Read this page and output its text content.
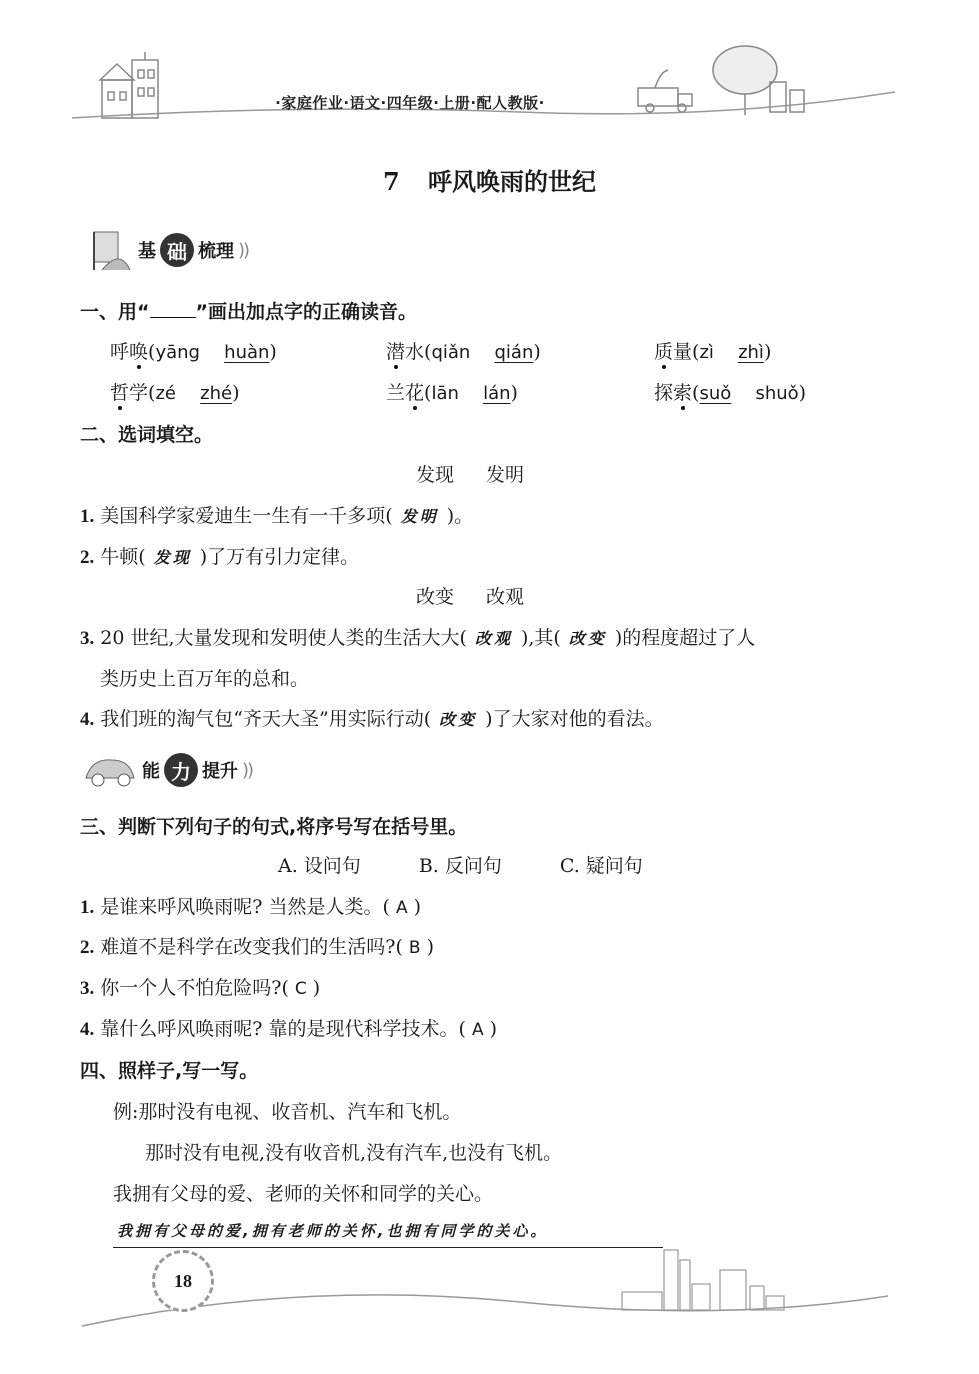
·家庭作业·语文·四年级·上册·配人教版·
7 呼风唤雨的世纪
基 础 梳理 ))
一、用“ ”画出加点字的正确读音。
呼唤(yāng huàn)	潜水(qiǎn qián)	质量(zì zhì)
哲学(zé zhé)	兰花(lān lán)	探索(suǒ shuǒ)
二、选词填空。
发现 发明
1. 美国科学家爱迪生一生有一千多项( 发明 )。
2. 牛顿( 发现 )了万有引力定律。
改变 改观
3. 20 世纪,大量发现和发明使人类的生活大大( 改观 ),其( 改变 )的程度超过了人
类历史上百万年的总和。
4. 我们班的淘气包“齐天大圣”用实际行动( 改变 )了大家对他的看法。
能 力 提升 ))
三、判断下列句子的句式,将序号写在括号里。
A. 设问句	B. 反问句	C. 疑问句
1. 是谁来呼风唤雨呢? 当然是人类。( A )
2. 难道不是科学在改变我们的生活吗?( B )
3. 你一个人不怕危险吗?( C )
4. 靠什么呼风唤雨呢? 靠的是现代科学技术。( A )
四、照样子,写一写。
例:那时没有电视、收音机、汽车和飞机。
那时没有电视,没有收音机,没有汽车,也没有飞机。
我拥有父母的爱、老师的关怀和同学的关心。
我拥有父母的爱,拥有老师的关怀,也拥有同学的关心。
18
